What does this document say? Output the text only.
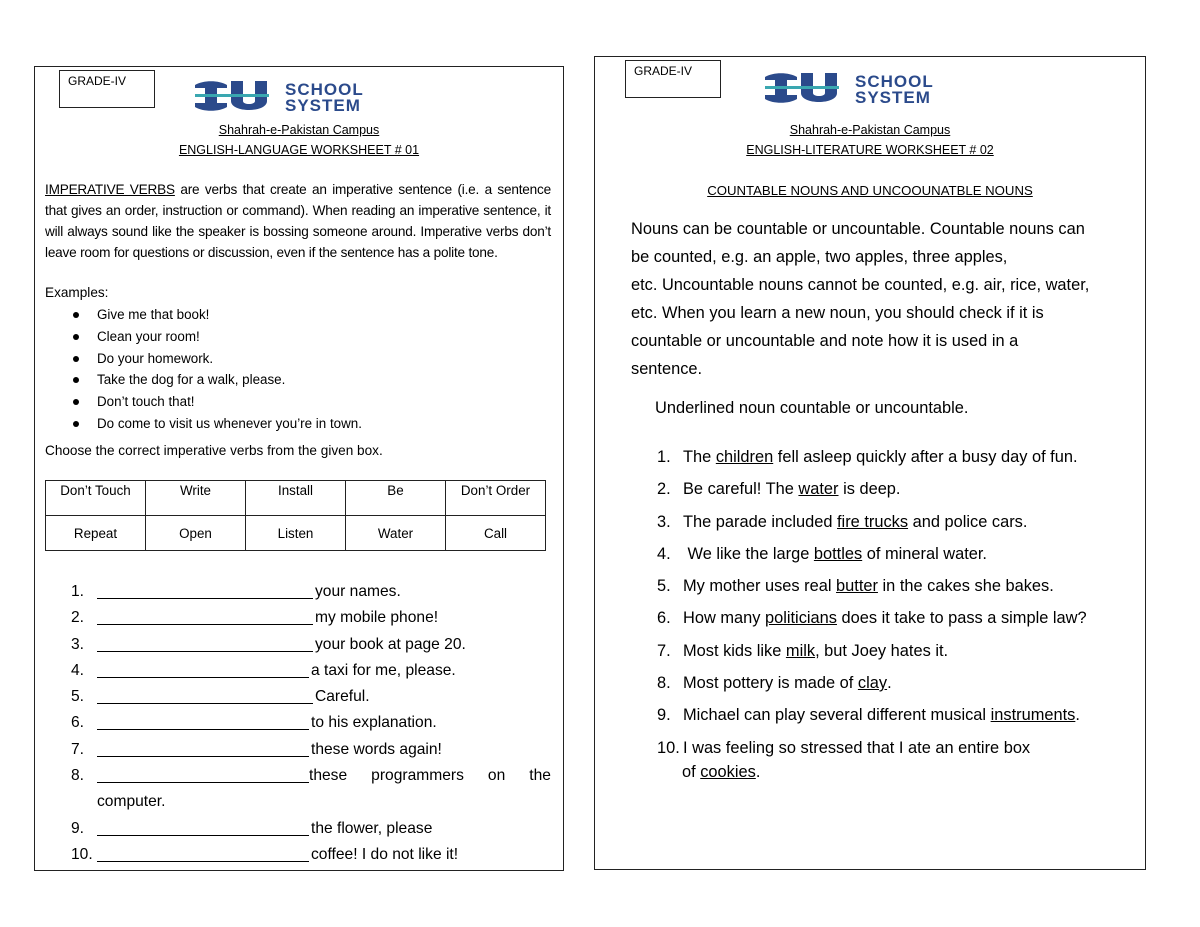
GRADE-IV	SCHOOL
SYSTEM
Shahrah-e-Pakistan Campus
ENGLISH-LANGUAGE WORKSHEET # 01
IMPERATIVE VERBS are verbs that create an imperative sentence (i.e. a sentence that gives an order, instruction or command). When reading an imperative sentence, it will always sound like the speaker is bossing someone around. Imperative verbs don’t leave room for questions or discussion, even if the sentence has a polite tone.
Examples:
Give me that book!
Clean your room!
Do your homework.
Take the dog for a walk, please.
Don’t touch that!
Do come to visit us whenever you’re in town.
Choose the correct imperative verbs from the given box.
Don’t Touch	Write	Install	Be	Don’t Order
Repeat	Open	Listen	Water	Call
1.	your names.
2.	my mobile phone!
3.	your book at page 20.
4.	a taxi for me, please.
5.	Careful.
6.	to his explanation.
7.	these words again!
8.	these programmers on the
computer.
9.	the flower, please
10.	coffee! I do not like it!
GRADE-IV
SCHOOL
SYSTEM
Shahrah-e-Pakistan Campus
ENGLISH-LITERATURE WORKSHEET # 02
COUNTABLE NOUNS AND UNCOOUNATBLE NOUNS
Nouns can be countable or uncountable. Countable nouns can
be counted, e.g. an apple, two apples, three apples,
etc. Uncountable nouns cannot be counted, e.g. air, rice, water,
etc. When you learn a new noun, you should check if it is
countable or uncountable and note how it is used in a
sentence.
Underlined noun countable or uncountable.
1. The children fell asleep quickly after a busy day of fun.
2. Be careful! The water is deep.
3. The parade included fire trucks and police cars.
4. We like the large bottles of mineral water.
5. My mother uses real butter in the cakes she bakes.
6. How many politicians does it take to pass a simple law?
7. Most kids like milk , but Joey hates it.
8. Most pottery is made of clay .
9. Michael can play several different musical instruments .
10. I was feeling so stressed that I ate an entire box
of cookies.
